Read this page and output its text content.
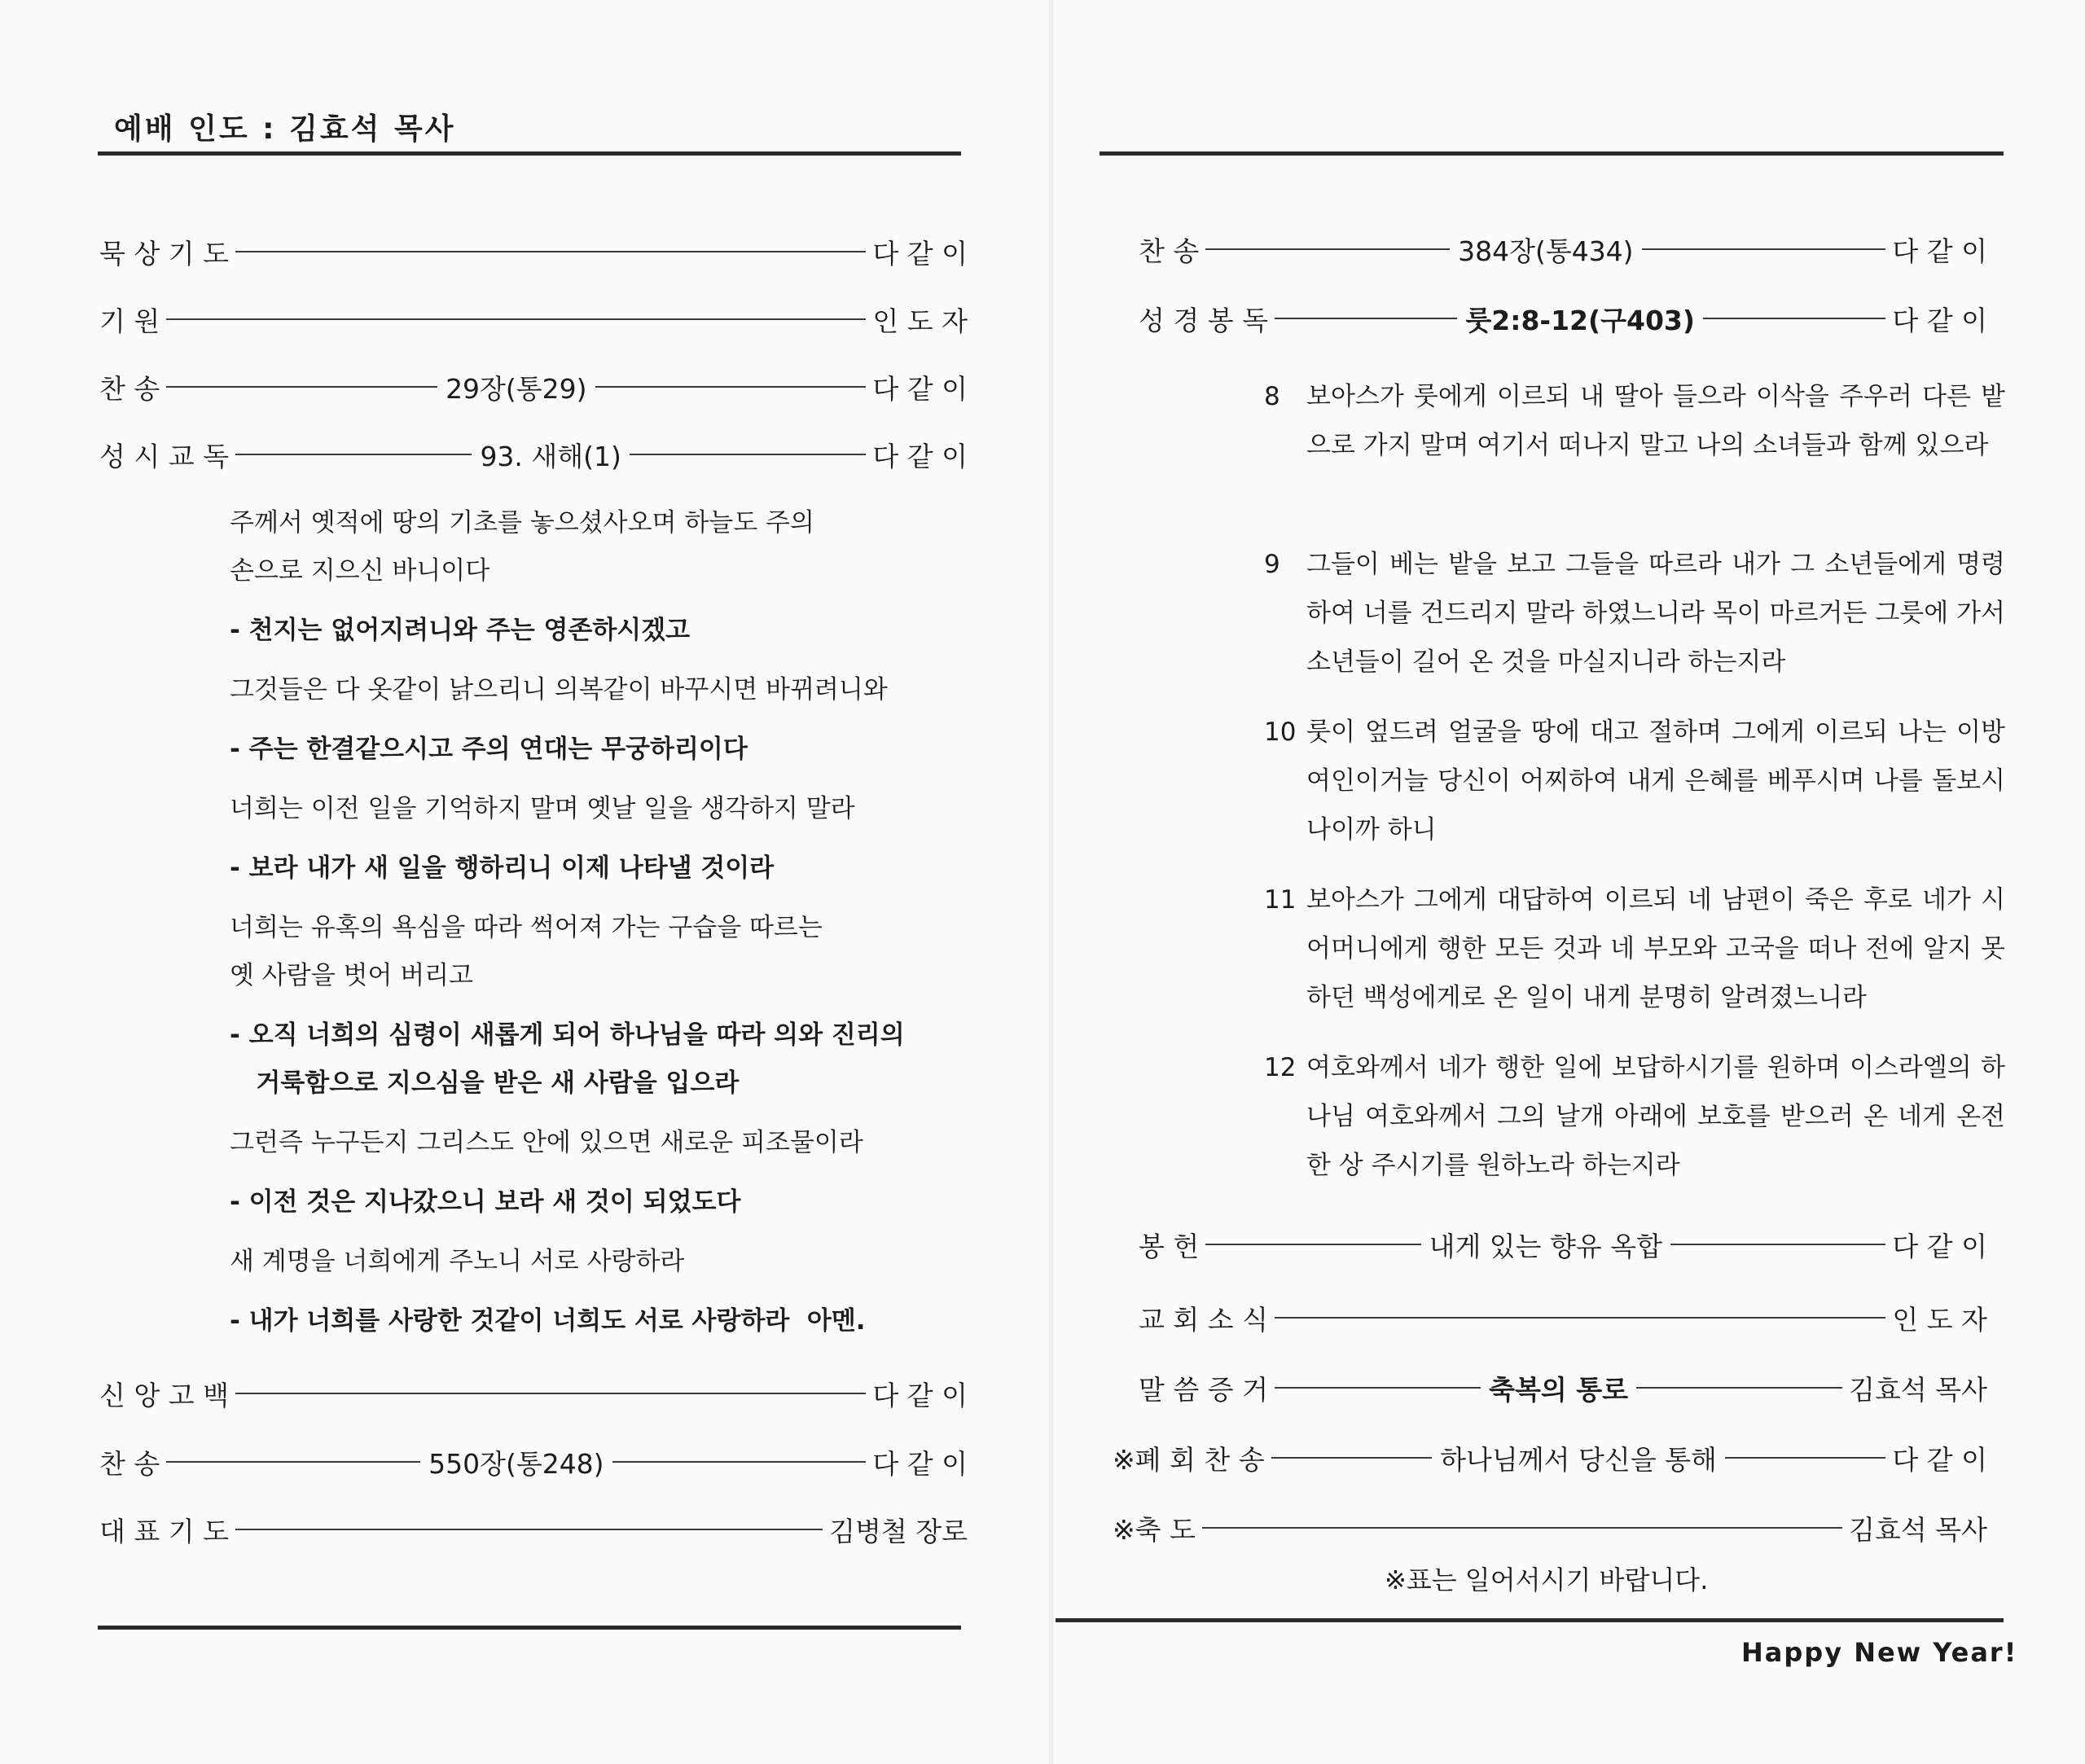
예배 인도 : 김효석 목사
묵 상 기 도	다 같 이
기 원	인 도 자
찬 송	29장(통29)	다 같 이
성 시 교 독	93. 새해(1)	다 같 이

주께서 옛적에 땅의 기초를 놓으셨사오며 하늘도 주의

손으로 지으신 바니이다

- 천지는 없어지려니와 주는 영존하시겠고

그것들은 다 옷같이 낡으리니 의복같이 바꾸시면 바뀌려니와

- 주는 한결같으시고 주의 연대는 무궁하리이다

너희는 이전 일을 기억하지 말며 옛날 일을 생각하지 말라

- 보라 내가 새 일을 행하리니 이제 나타낼 것이라

너희는 유혹의 욕심을 따라 썩어져 가는 구습을 따르는

옛 사람을 벗어 버리고

- 오직 너희의 심령이 새롭게 되어 하나님을 따라 의와 진리의

거룩함으로 지으심을 받은 새 사람을 입으라

그런즉 누구든지 그리스도 안에 있으면 새로운 피조물이라

- 이전 것은 지나갔으니 보라 새 것이 되었도다

새 계명을 너희에게 주노니 서로 사랑하라

- 내가 너희를 사랑한 것같이 너희도 서로 사랑하라  아멘.

신 앙 고 백	다 같 이
찬 송	550장(통248)	다 같 이
대 표 기 도	김병철 장로
찬 송	384장(통434)	다 같 이
성 경 봉 독	룻2:8-12(구403)	다 같 이
8 보아스가 룻에게 이르되 내 딸아 들으라 이삭을 주우러 다른 밭으로 가지 말며 여기서 떠나지 말고 나의 소녀들과 함께 있으라
9 그들이 베는 밭을 보고 그들을 따르라 내가 그 소년들에게 명령하여 너를 건드리지 말라 하였느니라 목이 마르거든 그릇에 가서 소년들이 길어 온 것을 마실지니라 하는지라
10 룻이 엎드려 얼굴을 땅에 대고 절하며 그에게 이르되 나는 이방 여인이거늘 당신이 어찌하여 내게 은혜를 베푸시며 나를 돌보시나이까 하니
11 보아스가 그에게 대답하여 이르되 네 남편이 죽은 후로 네가 시어머니에게 행한 모든 것과 네 부모와 고국을 떠나 전에 알지 못하던 백성에게로 온 일이 내게 분명히 알려졌느니라
12 여호와께서 네가 행한 일에 보답하시기를 원하며 이스라엘의 하나님 여호와께서 그의 날개 아래에 보호를 받으러 온 네게 온전한 상 주시기를 원하노라 하는지라
봉 헌	내게 있는 향유 옥합	다 같 이
교 회 소 식	인 도 자
말 씀 증 거	축복의 통로	김효석 목사
※폐 회 찬 송	하나님께서 당신을 통해	다 같 이
※축 도	김효석 목사
※표는 일어서시기 바랍니다.
Happy New Year!
